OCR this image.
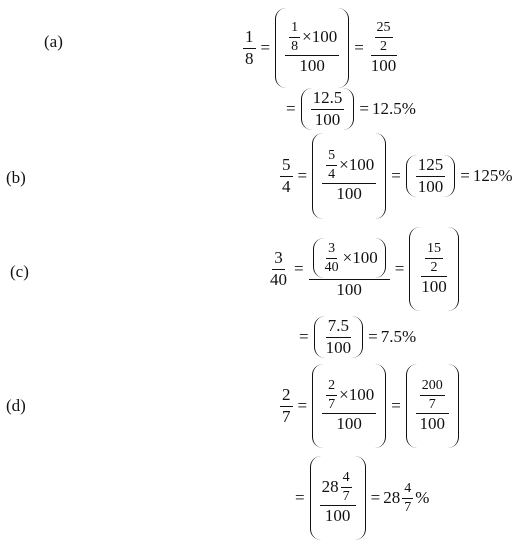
(a)
(b)
(c)
(d)
$\frac{1}{8} = \frac{1}{8} \times 100$
100
= 25
2
100
=
12.5
100
= 12.5%
$\frac{5}{4} = \frac{5}{4} \times 100$
100
=
125
100
= 125%
$\frac{3}{40} = \frac{\frac{3}{40} \times 100}{100}$ =
15
2
100
=
7.5
100
= 7.5%
$\frac{2}{7} = \frac{2}{7} \times 100$
100
=
200
7
100
=
28 4
7
100
= 28 4
7 %
